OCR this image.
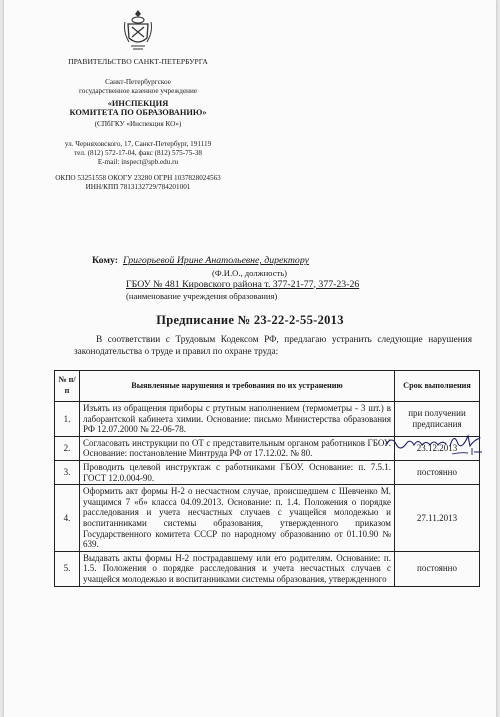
ПРАВИТЕЛЬСТВО САНКТ-ПЕТЕРБУРГА
Санкт-Петербургское
государственное казенное учреждение
«ИНСПЕКЦИЯ
КОМИТЕТА ПО ОБРАЗОВАНИЮ»
(СПбГКУ «Инспекция КО»)
ул. Черняховского, 17, Санкт-Петербург, 191119
тел. (812) 572-17-04, факс (812) 575-75-38
E-mail: inspect@spb.edu.ru
ОКПО 53251558 ОКОГУ 23280 ОГРН 1037828024563
ИНН/КПП 7813132729/784201001
Кому: Григорьевой Ирине Анатольевне, директору
(Ф.И.О., должность)
ГБОУ № 481 Кировского района т. 377-21-77, 377-23-26
(наименование учреждения образования)
Предписание № 23-22-2-55-2013
В соответствии с Трудовым Кодексом РФ, предлагаю устранить следующие нарушения законодательства о труде и правил по охране труда:
№ п/п	Выявленные нарушения и требования по их устранению	Срок выполнения
1.	Изъять из обращения приборы с ртутным наполнением (термометры - 3 шт.) в лаборантской кабинета химии. Основание: письмо Министерства образования РФ 12.07.2000 № 22-06-78.	при получении предписания
2.	Согласовать инструкции по ОТ с представительным органом работников ГБОУ. Основание: постановление Минтруда РФ от 17.12.02. № 80.	23.12.2013
3.	Проводить целевой инструктаж с работниками ГБОУ. Основание: п. 7.5.1. ГОСТ 12.0.004-90.	постоянно
4.	Оформить акт формы Н-2 о несчастном случае, происшедшем с Шевченко М. учащимся 7 «б» класса 04.09.2013. Основание: п. 1.4. Положения о порядке расследования и учета несчастных случаев с учащейся молодежью и воспитанниками системы образования, утвержденного приказом Государственного комитета СССР по народному образованию от 01.10.90 № 639.	27.11.2013
5.	Выдавать акты формы Н-2 пострадавшему или его родителям. Основание: п. 1.5. Положения о порядке расследования и учета несчастных случаев с учащейся молодежью и воспитанниками системы образования, утвержденного	постоянно
